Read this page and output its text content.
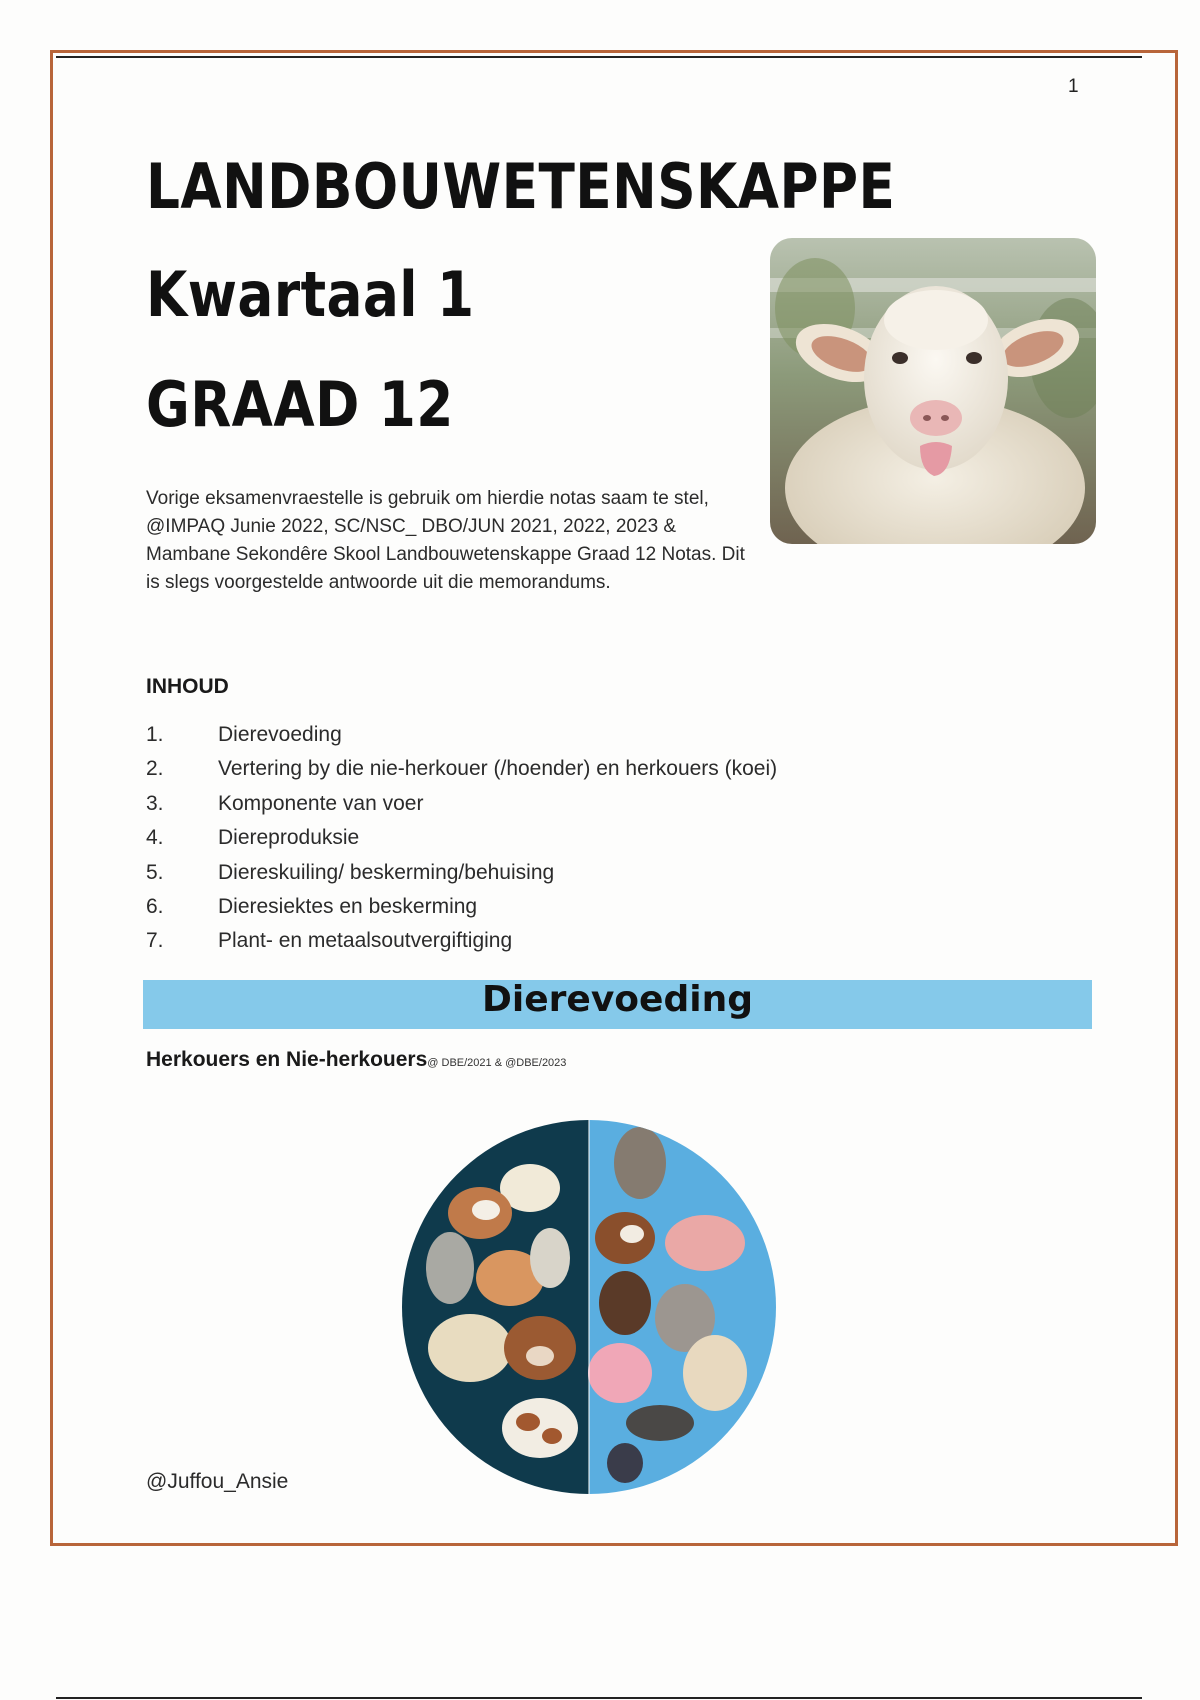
1
LANDBOUWETENSKAPPE
Kwartaal 1
GRAAD 12

Vorige eksamenvraestelle is gebruik om hierdie notas saam te stel, @IMPAQ Junie 2022, SC/NSC_ DBO/JUN 2021, 2022, 2023 & Mambane Sekondêre Skool Landbouwetenskappe Graad 12 Notas. Dit is slegs voorgestelde antwoorde uit die memorandums.

INHOUD
1.	Dierevoeding
2.	Vertering by die nie-herkouer (/hoender) en herkouers (koei)
3.	Komponente van voer
4.	Diereproduksie
5.	Diereskuiling/ beskerming/behuising
6.	Dieresiektes en beskerming
7.	Plant- en metaalsoutvergiftiging
Dierevoeding
Herkouers en Nie-herkouers@ DBE/2021 & @DBE/2023
@Juffou_Ansie
